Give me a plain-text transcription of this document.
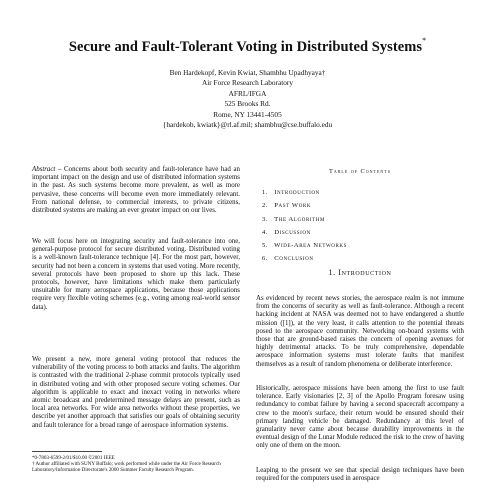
Secure and Fault-Tolerant Voting in Distributed Systems*
Ben Hardekopf, Kevin Kwiat, Shambhu Upadhyaya†
Air Force Research Laboratory
AFRL/IFGA
525 Brooks Rd.
Rome, NY 13441-4505
{hardekob, kwiatk}@rl.af.mil; shambhu@cse.buffalo.edu

Abstract – Concerns about both security and fault-tolerance have had an important impact on the design and use of distributed information systems in the past. As such systems become more prevalent, as well as more pervasive, these concerns will become even more immediately relevant. From national defense, to commercial interests, to private citizens, distributed systems are making an ever greater impact on our lives.

We will focus here on integrating security and fault-tolerance into one, general-purpose protocol for secure distributed voting. Distributed voting is a well-known fault-tolerance technique [4]. For the most part, however, security had not been a concern in systems that used voting. More recently, several protocols have been proposed to shore up this lack. These protocols, however, have limitations which make them particularly unsuitable for many aerospace applications, because those applications require very flexible voting schemes (e.g., voting among real-world sensor data).

We present a new, more general voting protocol that reduces the vulnerability of the voting process to both attacks and faults. The algorithm is contrasted with the traditional 2-phase commit protocols typically used in distributed voting and with other proposed secure voting schemes. Our algorithm is applicable to exact and inexact voting in networks where atomic broadcast and predetermined message delays are present, such as local area networks. For wide area networks without these properties, we describe yet another approach that satisfies our goals of obtaining security and fault tolerance for a broad range of aerospace information systems.

*0-7803-6599-2/01/$10.00 ©2001 IEEE

† Author affiliated with SUNY Buffalo; work performed while under the Air Force Research Laboratory/Information Directorate's 2000 Summer Faculty Research Program.

Table of Contents
1. Introduction
2. Past Work
3. The Algorithm
4. Discussion
5. Wide-Area Networks
6. Conclusion
1. Introduction

As evidenced by recent news stories, the aerospace realm is not immune from the concerns of security as well as fault-tolerance. Although a recent hacking incident at NASA was deemed not to have endangered a shuttle mission ([1]), at the very least, it calls attention to the potential threats posed to the aerospace community. Networking on-board systems with those that are ground-based raises the concern of opening avenues for highly detrimental attacks. To be truly comprehensive, dependable aerospace information systems must tolerate faults that manifest themselves as a result of random phenomena or deliberate interference.

Historically, aerospace missions have been among the first to use fault tolerance. Early visionaries [2, 3] of the Apollo Program foresaw using redundancy to combat failure by having a second spacecraft accompany a crew to the moon's surface, their return would be ensured should their primary landing vehicle be damaged. Redundancy at this level of granularity never came about because durability improvements in the eventual design of the Lunar Module reduced the risk to the crew of having only one of them on the moon.

Leaping to the present we see that special design techniques have been required for the computers used in aerospace
